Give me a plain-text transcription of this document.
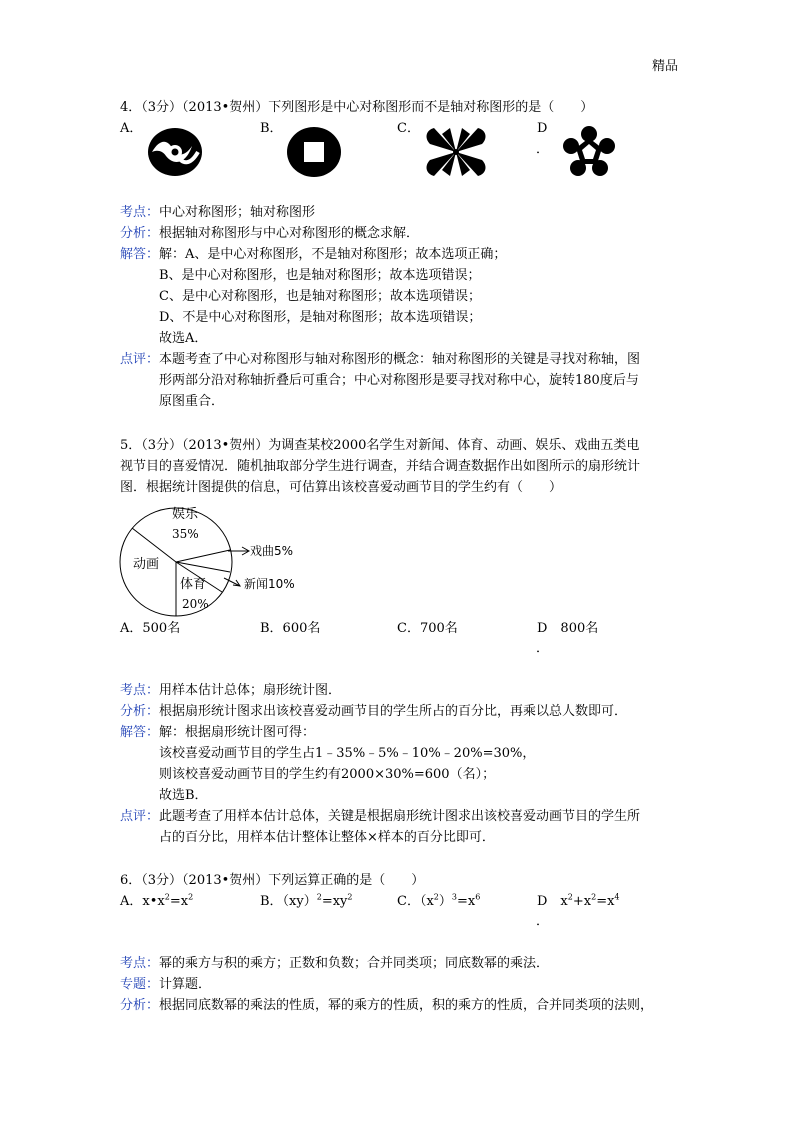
精品
4．（3分）（2013•贺州）下列图形是中心对称图形而不是轴对称图形的是（　　）
A．	B．	C．	D
．
考点： 中心对称图形；轴对称图形
分析： 根据轴对称图形与中心对称图形的概念求解．
解答： 解：A、是中心对称图形，不是轴对称图形；故本选项正确；
B、是中心对称图形，也是轴对称图形；故本选项错误；
C、是中心对称图形，也是轴对称图形；故本选项错误；
D、不是中心对称图形，是轴对称图形；故本选项错误；
故选A．
点评： 本题考查了中心对称图形与轴对称图形的概念：轴对称图形的关键是寻找对称轴，图
形两部分沿对称轴折叠后可重合；中心对称图形是要寻找对称中心，旋转180度后与
原图重合．
5．（3分）（2013•贺州）为调查某校2000名学生对新闻、体育、动画、娱乐、戏曲五类电
视节目的喜爱情况．随机抽取部分学生进行调查，并结合调查数据作出如图所示的扇形统计
图．根据统计图提供的信息，可估算出该校喜爱动画节目的学生约有（　　）
娱乐
35%
戏曲5%
动画
体育
20%
新闻10%
A．500名	B．600名	C．700名	D　800名
．
考点： 用样本估计总体；扇形统计图．
分析： 根据扇形统计图求出该校喜爱动画节目的学生所占的百分比，再乘以总人数即可．
解答： 解：根据扇形统计图可得：
该校喜爱动画节目的学生占1﹣35%﹣5%﹣10%﹣20%=30%，
则该校喜爱动画节目的学生约有2000×30%=600（名）；
故选B．
点评： 此题考查了用样本估计总体，关键是根据扇形统计图求出该校喜爱动画节目的学生所
占的百分比，用样本估计整体让整体×样本的百分比即可．
6．（3分）（2013•贺州）下列运算正确的是（　　）
A．$x•x^2=x^2$	B．$(xy)^2=xy^2$	C．$(x^2)^3=x^6$	D　$x^2+x^2=x^4$
．
考点： 幂的乘方与积的乘方；正数和负数；合并同类项；同底数幂的乘法．
专题： 计算题．
分析： 根据同底数幂的乘法的性质，幂的乘方的性质，积的乘方的性质，合并同类项的法则，
